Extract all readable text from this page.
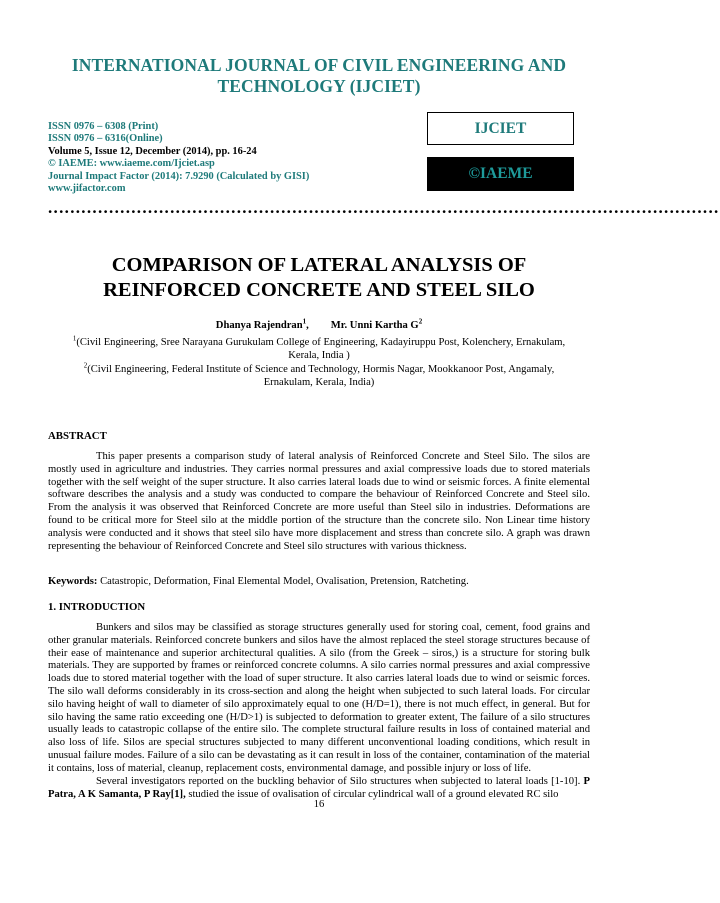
INTERNATIONAL JOURNAL OF CIVIL ENGINEERING AND
TECHNOLOGY (IJCIET)
ISSN 0976 – 6308 (Print)
ISSN 0976 – 6316(Online)
Volume 5, Issue 12, December (2014), pp. 16-24
© IAEME: www.iaeme.com/Ijciet.asp
Journal Impact Factor (2014): 7.9290 (Calculated by GISI)
www.jifactor.com
IJCIET
©IAEME
.........................................................................................................................
COMPARISON OF LATERAL ANALYSIS OF
REINFORCED CONCRETE AND STEEL SILO
Dhanya Rajendran$^1$, Mr. Unni Kartha $G^2$
$^1$(Civil Engineering, Sree Narayana Gurukulam College of Engineering, Kadayiruppu Post, Kolenchery, Ernakulam,
Kerala, India )
$^2$(Civil Engineering, Federal Institute of Science and Technology, Hormis Nagar, Mookkanoor Post, Angamaly,
Ernakulam, Kerala, India)
ABSTRACT
This paper presents a comparison study of lateral analysis of Reinforced Concrete and Steel Silo. The silos are mostly used in agriculture and industries. They carries normal pressures and axial compressive loads due to stored materials together with the self weight of the super structure. It also carries lateral loads due to wind or seismic forces. A finite elemental software describes the analysis and a study was conducted to compare the behaviour of Reinforced Concrete and Steel silo. From the analysis it was observed that Reinforced Concrete are more useful than Steel silo in industries. Deformations are found to be critical more for Steel silo at the middle portion of the structure than the concrete silo. Non Linear time history analysis were conducted and it shows that steel silo have more displacement and stress than concrete silo. A graph was drawn representing the behaviour of Reinforced Concrete and Steel silo structures with various thickness.
Keywords: Catastropic, Deformation, Final Elemental Model, Ovalisation, Pretension, Ratcheting.
1. INTRODUCTION
Bunkers and silos may be classified as storage structures generally used for storing coal, cement, food grains and other granular materials. Reinforced concrete bunkers and silos have the almost replaced the steel storage structures because of their ease of maintenance and superior architectural qualities. A silo (from the Greek – siros,) is a structure for storing bulk materials. They are supported by frames or reinforced concrete columns. A silo carries normal pressures and axial compressive loads due to stored material together with the load of super structure. It also carries lateral loads due to wind or seismic forces. The silo wall deforms considerably in its cross-section and along the height when subjected to such lateral loads. For circular silo having height of wall to diameter of silo approximately equal to one (H/D=1), there is not much effect, in general. But for silo having the same ratio exceeding one (H/D>1) is subjected to deformation to greater extent, The failure of a silo structures usually leads to catastropic collapse of the entire silo. The complete structural failure results in loss of contained material and also loss of life. Silos are special structures subjected to many different unconventional loading conditions, which result in unusual failure modes. Failure of a silo can be devastating as it can result in loss of the container, contamination of the material it contains, loss of material, cleanup, replacement costs, environmental damage, and possible injury or loss of life.
Several investigators reported on the buckling behavior of Silo structures when subjected to lateral loads [1-10]. P Patra, A K Samanta, P Ray[1], studied the issue of ovalisation of circular cylindrical wall of a ground elevated RC silo
16
